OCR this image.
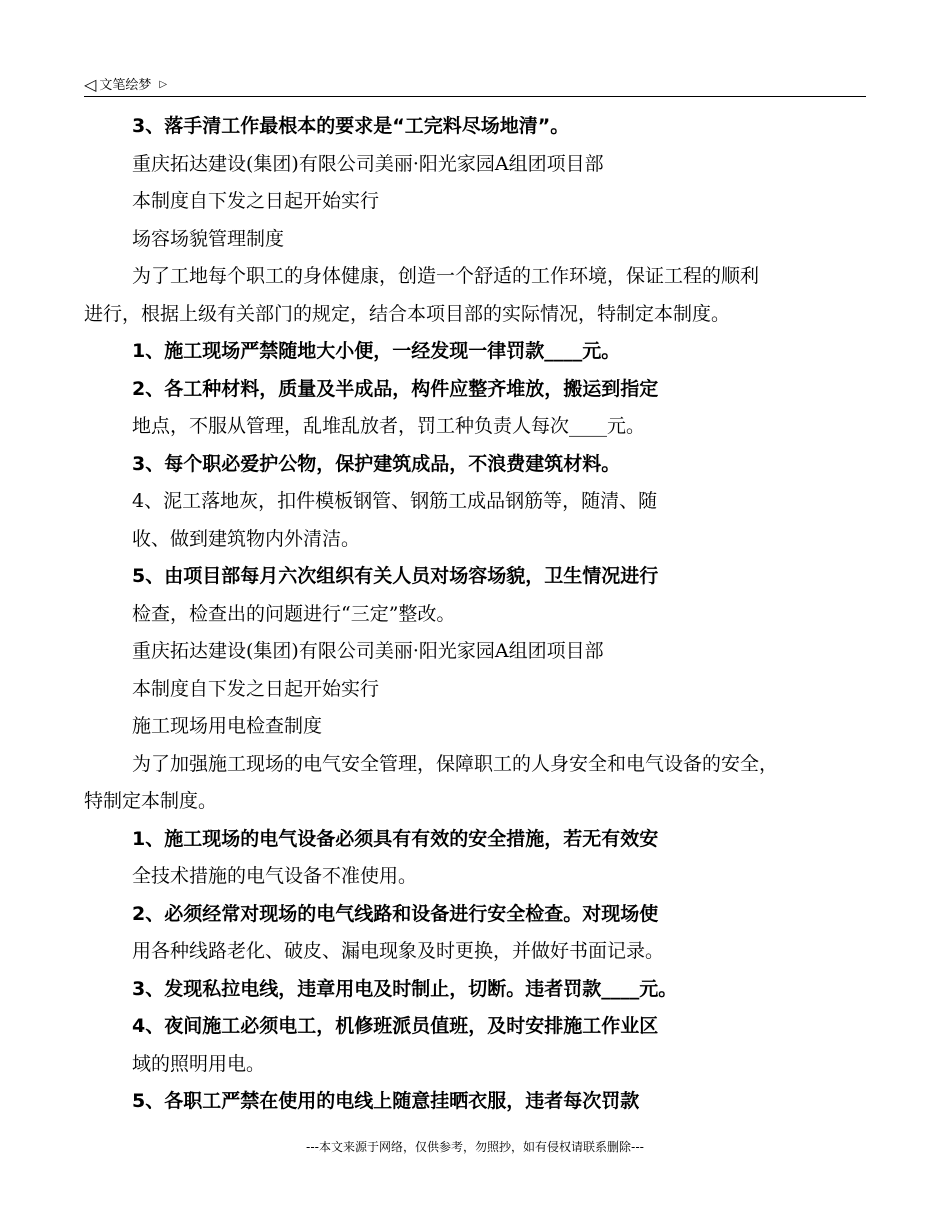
◁ 文笔绘梦 ▷
3、落手清工作最根本的要求是“工完料尽场地清”。
重庆拓达建设(集团)有限公司美丽·阳光家园A组团项目部
本制度自下发之日起开始实行
场容场貌管理制度
为了工地每个职工的身体健康，创造一个舒适的工作环境，保证工程的顺利
进行，根据上级有关部门的规定，结合本项目部的实际情况，特制定本制度。
1、施工现场严禁随地大小便，一经发现一律罚款____元。
2、各工种材料，质量及半成品，构件应整齐堆放，搬运到指定
地点，不服从管理，乱堆乱放者，罚工种负责人每次____元。
3、每个职必爱护公物，保护建筑成品，不浪费建筑材料。
4、泥工落地灰，扣件模板钢管、钢筋工成品钢筋等，随清、随
收、做到建筑物内外清洁。
5、由项目部每月六次组织有关人员对场容场貌，卫生情况进行
检查，检查出的问题进行“三定”整改。
重庆拓达建设(集团)有限公司美丽·阳光家园A组团项目部
本制度自下发之日起开始实行
施工现场用电检查制度
为了加强施工现场的电气安全管理，保障职工的人身安全和电气设备的安全，
特制定本制度。
1、施工现场的电气设备必须具有有效的安全措施，若无有效安
全技术措施的电气设备不准使用。
2、必须经常对现场的电气线路和设备进行安全检查。对现场使
用各种线路老化、破皮、漏电现象及时更换，并做好书面记录。
3、发现私拉电线，违章用电及时制止，切断。违者罚款____元。
4、夜间施工必须电工，机修班派员值班，及时安排施工作业区
域的照明用电。
5、各职工严禁在使用的电线上随意挂晒衣服，违者每次罚款
---本文来源于网络，仅供参考，勿照抄，如有侵权请联系删除---
